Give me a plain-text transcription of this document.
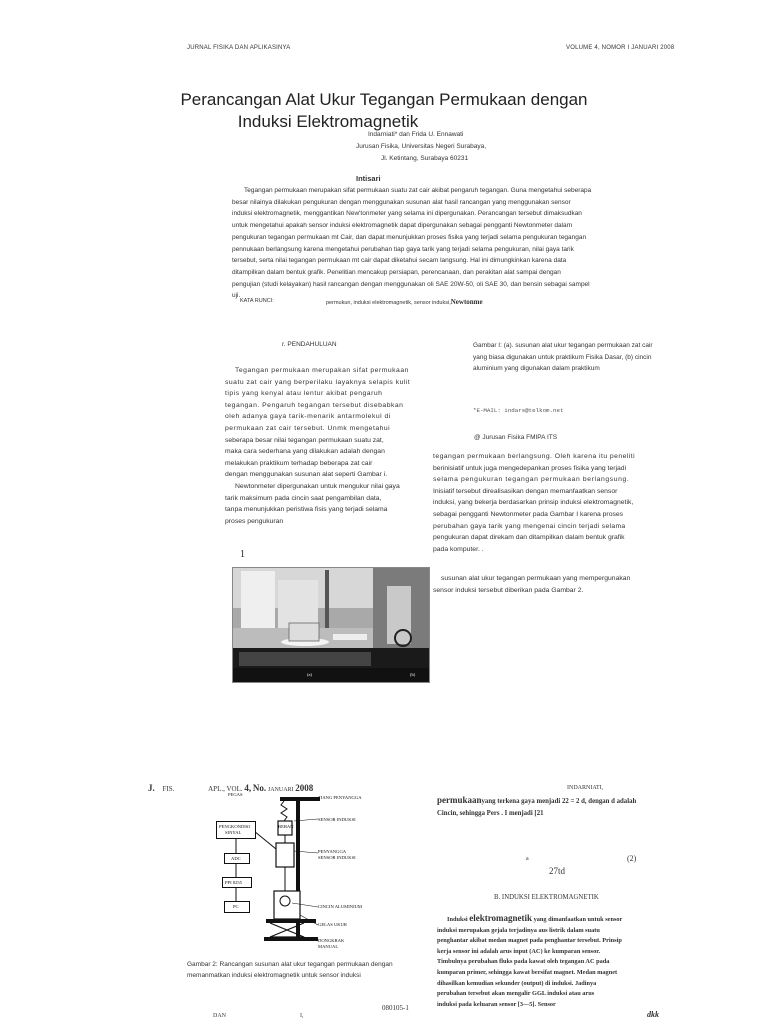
JURNAL FISIKA DAN APLIKASINYA	VOLUME 4, NOMOR I JANUARI 2008
Perancangan Alat Ukur Tegangan Permukaan dengan
Induksi Elektromagnetik
Indarniati* dan Frida U. Ennawati
Jurusan Fisika, Universitas Negeri Surabaya,
Jl. Ketintang, Surabaya 60231
Intisari
Tegangan permukaan merupakan sifat permukaan suatu zat cair akibat pengaruh tegangan. Guna mengetahui seberapa
besar nilainya dilakukan pengukuran dengan menggunakan susunan alat hasil rancangan yang menggunakan sensor
induksi elektromagnetik, menggantikan New'tonmeter yang selama ini dipergunakan. Perancangan tersebut dimaksudkan
untuk mengetahui apakah sensor induksi elektromagnetik dapat dipergunakan sebagai pengganti Newtonmeter dalam
pengukuran tegangan permukaan mt Cair, dan dapat menunjukkan proses fisika yang terjadi selama pengukuran tegangan
pennukaan berlangsung karena mengetahui perubahan tiap gaya tarik yang terjadi selama pengukuran, nilai gaya tarik
tersebut, serta nilai tegangan permukaan mt cair dapat diketahui secam langsung. Hal ini dimungkinkan karena data
ditampilkan dalam bentuk grafik. Penelitian mencakup persiapan, perencanaan, dan perakitan alat sampai dengan
pengujian (studi kelayakan) hasil rancangan dengan menggunakan oli SAE 20W-50, oli SAE 30, dan bensin sebagai sampel
uji.
KATA RUNCI:	permukun, induksi elektromagnetik, sensor induksi,Newtonme
r. PENDAHULUAN
Tegangan permukaan merupakan sifat permukaan
suatu zat cair yang berperilaku layaknya selapis kulit
tipis yang kenyal atau lentur akibat pengaruh
tegangan. Pengaruh tegangan tersebut disebabkan
oleh adanya gaya tarik-menarik antarmolekul di
permukaan zat cair tersebut. Unmk mengetahui
seberapa besar nilai tegangan permukaan suatu zat,
maka cara sederhana yang dilakukan adalah dengan
melakukan praktikum terhadap beberapa zat cair
dengan menggunakan susunan alat seperti Gambar i.
Newtonmeter dipergunakan untuk mengukur nilai gaya
tarik maksimum pada cincin saat pengambilan data,
tanpa menunjukkan peristiwa fisis yang terjadi selama
proses pengukuran
1
(a)	(b)
Gambar I: (a). susunan alat ukur tegangan permukaan zat cair
yang biasa digunakan untuk praktikum Fisika Dasar, (b) cincin
aluminium yang digunakan dalam praktikum
*E-MAIL: indars@telkom.net
@ Jurusan Fisika FMIPA ITS
tegangan permukaan berlangsung. Oleh karena itu peneliti
berinisiatif untuk juga mengedepankan proses fisika yang terjadi
selama pengukuran tegangan permukaan berlangsung.
Inisiatif tersebut direalisasikan dengan memanfaatkan sensor
induksi, yang bekerja berdasarkan prinsip induksi elektromagnetik,
sebagai pengganti Newtonmeter pada Gambar I karena proses
perubahan gaya tarik yang mengenai cincin terjadi selama
pengukuran dapat direkam dan ditampilkan dalam bentuk grafik
pada komputer. .
susunan alat ukur tegangan permukaan yang mempergunakan
sensor induksi tersebut diberikan pada Gambar 2.
J. FIS.	APL., VOL. 4, No. JANUARI 2008	INDARNIATI,
permukaanyang terkena gaya menjadi 22 = 2 d, dengan d adalah
Cincin, sehingga Pers . I menjadi [21
a	(2)
27td
B. INDUKSI ELEKTROMAGNETIK
Induksi elektromagnetik yang dimanfaatkan untuk sensor
induksi merupakan gejala terjadinya aus listrik dalam suatu
penghantar akibat medan magnet pada penghantar tersebut. Prinsip
kerja sensor ini adalah arus input (AC) ke kumparan sensor.
Timbulnya perubahan fluks pada kawat oleh tegangan AC pada
kumparan primer, sehingga kawat bersifat magnet. Medan magnet
dihasilkan kemudian sekunder (output) di induksi. Jadinya
perubahan tersebut akan mengalir GGL induksi atau arus
induksi pada keluaran sensor [3—5]. Sensor
PEGAS
TIANG PENYANGGA
SENSOR INDUKSI
BEBAN
PENGKONDISI
SINYAL
ADC
PPI 8255
PC
PENYANGGA
SENSOR INDUKSI
CINCIN ALUMINIUM
GELAS UKUR
DONGKRAK
MANUAL
Gambar 2: Rancangan susunan alat ukur tegangan permukaan dengan
memanmatkan induksi elektromagnetik untuk sensor induksi
080105-1
DAN	I,	dkk
